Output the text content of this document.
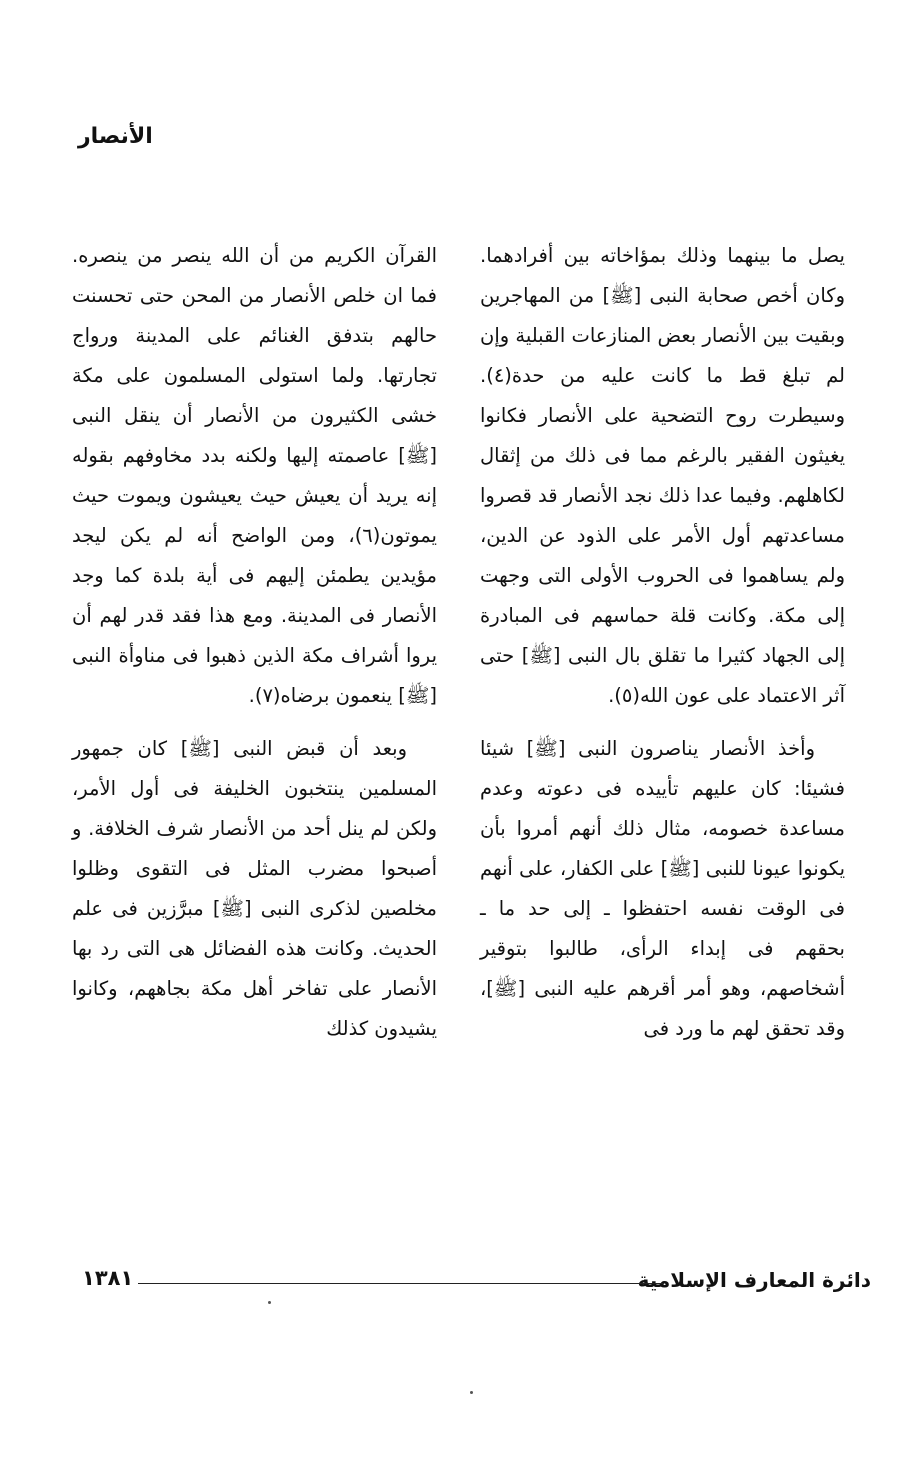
الأنصار

يصل ما بينهما وذلك بمؤاخاته بين أفرادهما. وكان أخص صحابة النبى [ﷺ] من المهاجرين وبقيت بين الأنصار بعض المنازعات القبلية وإن لم تبلغ قط ما كانت عليه من حدة(٤). وسيطرت روح التضحية على الأنصار فكانوا يغيثون الفقير بالرغم مما فى ذلك من إثقال لكاهلهم. وفيما عدا ذلك نجد الأنصار قد قصروا مساعدتهم أول الأمر على الذود عن الدين، ولم يساهموا فى الحروب الأولى التى وجهت إلى مكة. وكانت قلة حماسهم فى المبادرة إلى الجهاد كثيرا ما تقلق بال النبى [ﷺ] حتى آثر الاعتماد على عون الله(٥).

وأخذ الأنصار يناصرون النبى [ﷺ] شيئا فشيئا: كان عليهم تأييده فى دعوته وعدم مساعدة خصومه، مثال ذلك أنهم أمروا بأن يكونوا عيونا للنبى [ﷺ] على الكفار، على أنهم فى الوقت نفسه احتفظوا ـ إلى حد ما ـ بحقهم فى إبداء الرأى، طالبوا بتوقير أشخاصهم، وهو أمر أقرهم عليه النبى [ﷺ]، وقد تحقق لهم ما ورد فى

القرآن الكريم من أن الله ينصر من ينصره. فما ان خلص الأنصار من المحن حتى تحسنت حالهم بتدفق الغنائم على المدينة ورواج تجارتها. ولما استولى المسلمون على مكة خشى الكثيرون من الأنصار أن ينقل النبى [ﷺ] عاصمته إليها ولكنه بدد مخاوفهم بقوله إنه يريد أن يعيش حيث يعيشون ويموت حيث يموتون(٦)، ومن الواضح أنه لم يكن ليجد مؤيدين يطمئن إليهم فى أية بلدة كما وجد الأنصار فى المدينة. ومع هذا فقد قدر لهم أن يروا أشراف مكة الذين ذهبوا فى مناوأة النبى [ﷺ] ينعمون برضاه(٧).

وبعد أن قبض النبى [ﷺ] كان جمهور المسلمين ينتخبون الخليفة فى أول الأمر، ولكن لم ينل أحد من الأنصار شرف الخلافة. و أصبحوا مضرب المثل فى التقوى وظلوا مخلصين لذكرى النبى [ﷺ] مبرَّزين فى علم الحديث. وكانت هذه الفضائل هى التى رد بها الأنصار على تفاخر أهل مكة بجاههم، وكانوا يشيدون كذلك

دائرة المعارف الإسلامية
١٣٨١
